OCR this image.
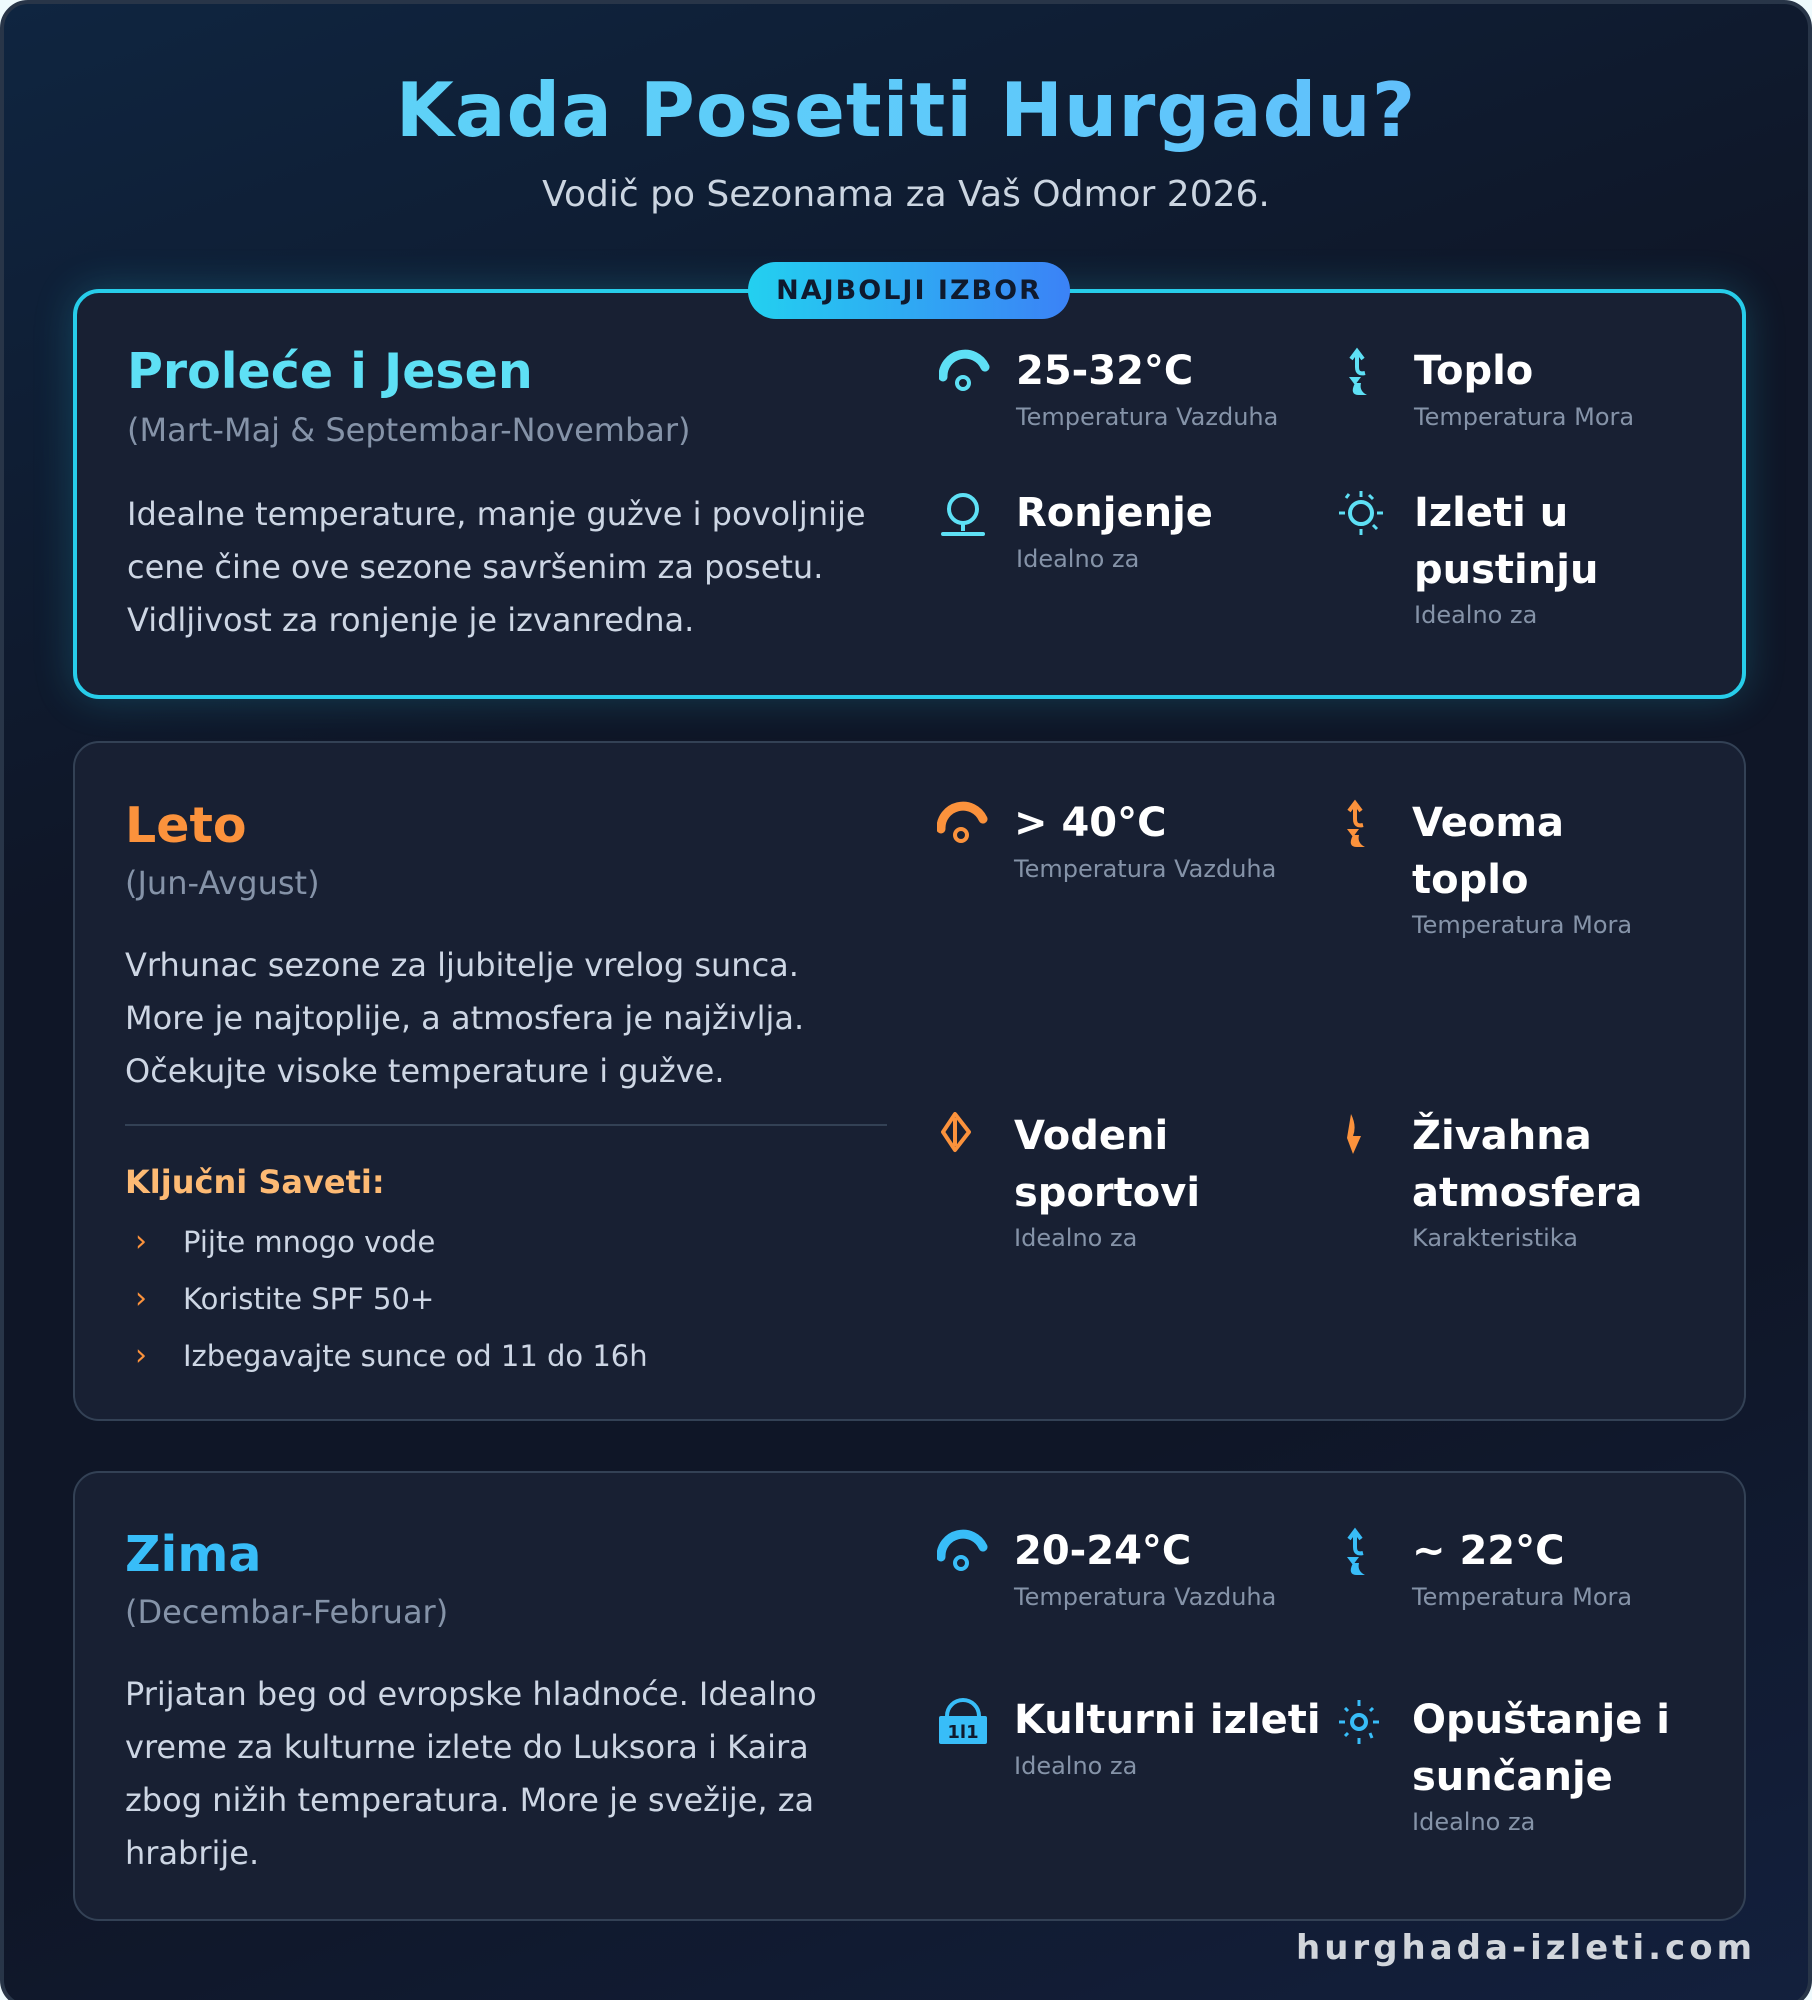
Kada Posetiti Hurgadu?

Vodič po Sezonama za Vaš Odmor 2026.

NAJBOLJI IZBOR
Proleće i Jesen
(Mart-Maj & Septembar-Novembar)

Idealne temperature, manje gužve i povoljnije cene čine ove sezone savršenim za posetu. Vidljivost za ronjenje je izvanredna.

25-32°C
Temperatura Vazduha
Toplo
Temperatura Mora
Ronjenje
Idealno za
Izleti u pustinju
Idealno za
Leto
(Jun-Avgust)

Vrhunac sezone za ljubitelje vrelog sunca. More je najtoplije, a atmosfera je najživlja. Očekujte visoke temperature i gužve.

Ključni Saveti:
›	Pijte mnogo vode
›	Koristite SPF 50+
›	Izbegavajte sunce od 11 do 16h
> 40°C
Temperatura Vazduha
Veoma toplo
Temperatura Mora
Vodeni sportovi
Idealno za
Živahna atmosfera
Karakteristika
Zima
(Decembar-Februar)

Prijatan beg od evropske hladnoće. Idealno vreme za kulturne izlete do Luksora i Kaira zbog nižih temperatura. More je svežije, za hrabrije.

20-24°C
Temperatura Vazduha
~ 22°C
Temperatura Mora
1l1 Kulturni izleti
Idealno za
Opuštanje i sunčanje
Idealno za
hurghada-izleti.com
